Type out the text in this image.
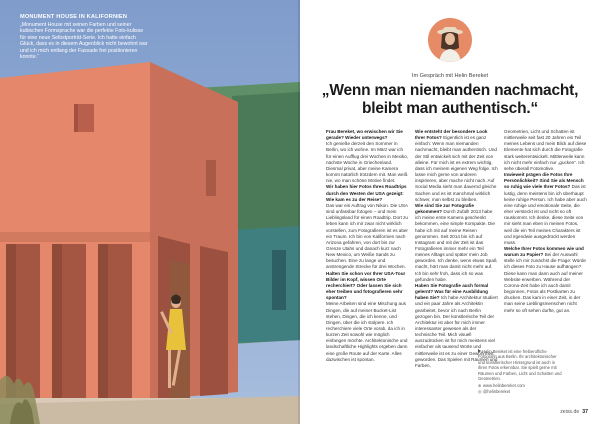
MONUMENT HOUSE IN KALIFORNIEN
„Monument House mit seinen Farben und seiner kubischen Formsprache war die perfekte Foto-kulisse für eine neue Selbstporträt-Serie. Ich hatte einfach Glück, dass es in diesem Augenblick nicht bewohnt war und ich mich entlang der Fassade frei positionieren konnte.“
Im Gespräch mit Helin Bereket
„Wenn man niemanden nachmacht,
bleibt man authentisch.“

Frau Bereket, wo erwischen wir Sie gerade? Wieder unterwegs?
Ich genieße derzeit den Sommer in Berlin, wo ich wohne. Im März war ich für einen Aufflug drei Wochen in Mexiko, nächste Woche in Griechenland. Diesmal privat, aber meine Kamera kommt natürlich trotzdem mit. Man weiß nie, wo man schöne Motive findet.

Wir haben hier Fotos Ihres Roadtrips durch den Westen der USA gezeigt: Wie kam es zu der Reise?
Das war ein Auftrag von Nikon. Die USA sind unfassbar fotogen – und mein Lieblingsland für einen Roadtrip. Dort zu leben kann ich mir zwar nicht wirklich vorstellen, zum Fotografieren ist es aber ein Traum. Ich bin von Kalifornien nach Arizona gefahren, von dort bis zur Grenze Utahs und danach kurz nach New Mexico, um Weiße Sands zu besuchen. Eine zu lange und anstrengende Strecke für drei Wochen.

Halten Sie schon vor Ihrer USA-Tour Bilder im Kopf, wissen Orte recherchiert? Oder lassen Sie sich eher treiben und fotografieren sehr spontan?
Meine Arbeiten sind eine Mischung aus Dingen, die auf meiner Bucket-List stehen, Dingen, die ich kenne, und Dingen, über die ich stolpere. Ich recherchiere viele Orte vorab, da ich in kurzen Zeit sowohl wie möglich einfangen möchte. Architektonische und landschaftliche Highlights ergeben dann eine große Route auf der Karte. Alles dazwischen ist spontan.

Wie entsteht der besondere Look Ihrer Fotos? Eigentlich ist es ganz einfach: Wenn man niemanden nachmacht, bleibt man authentisch. Und der Stil entwickelt sich mit der Zeit von alleine. Für mich ist es extrem wichtig, dass ich meinem eigenen Weg folge. Ich lasse mich gerne von anderen inspirieren, aber mache nicht nach. Auf Social Media sieht man dauernd gleiche Sachen und es ist manchmal wirklich schwer, man selbst zu bleiben.

Wie sind Sie zur Fotografie gekommen? Durch Zufall! 2013 habe ich meine erste Kamera geschenkt bekommen, eine simple Kompakte. Die habe ich mit auf meine Reisen genommen. Seit 2014 bin ich auf Instagram und mit der Zeit ist das Fotografieren immer mehr ein Teil meines Alltags und später mein Job geworden. Ich denke, wenn etwas Spaß macht, hört man damit nicht mehr auf. Ich bin sehr froh, dass ich so was gefunden habe.

Haben Sie Fotografie auch formal gelernt? Was für eine Ausbildung haben Sie? Ich habe Architektur studiert und ein paar Jahre als Architektin gearbeitet, bevor ich nach Berlin gezogen bin. Der künstlerische Teil der Architektur ist aber für mich immer interessanter gewesen als der technische Teil. Mich visuell auszudrücken ist für mich meistens viel einfacher als tausend Worte und mittlerweile ist es zu einer Gewohnheit geworden. Das Spielen mit Räumen und Farben,

Geometrien, Licht und Schatten ist mittlerweile seit fast 20 Jahren ein Teil meines Lebens und mein Blick auf diese Elemente hat sich durch die Fotografie stark weiterentwickelt. Mittlerweile kann ich nicht mehr einfach nur „gucken“. Ich sehe überall Fotomotive.

Inwieweit prägen die Fotos Ihre Persönlichkeit? Sind Sie als Mensch so ruhig wie viele Ihrer Fotos? Das ist lustig, denn meistens bin ich überhaupt keine ruhige Person. Ich habe aber auch eine ruhige und emotionale Seite, die eher versteckt ist und nicht so oft rauskommt. Ich denke, diese Seite von mir sieht man eben in meinen Fotos, weil die ein Teil meines Charakters ist und irgendwie ausgedrückt werden muss.

Welche Ihrer Fotos kommen wie und warum zu Papier? Bei der Auswahl stelle ich mir zunächst die Frage: Würde ich dieses Foto zu Hause aufhängen? Diese kann man dann auch auf meiner Website erwerben. Während der Corona-Zeit habe ich auch damit begonnen, Fotos als Postkarten zu drucken. Das kam in einer Zeit, in der man seine Lieblingsmenschen nicht mehr so oft sehen durfte, gut an.

Helin Bereket ist eine freiberufliche Fotografin aus Berlin. Ihr architektonischer und künstlerischer Hintergrund ist auch in ihren Fotos erkennbar. Sie spielt gerne mit Räumen und Farben, Licht und Schatten und Geometrien.
⊕www.helinbereket.com
◎@helinbereket
zeiss.de 37
